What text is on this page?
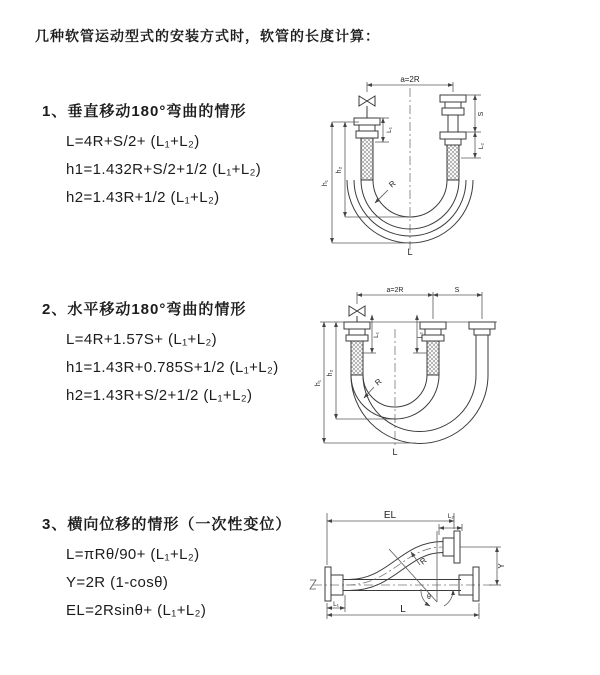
几种软管运动型式的安装方式时，软管的长度计算：
1、垂直移动180°弯曲的情形
L=4R+S/2+ (L₁+L₂)
h1=1.432R+S/2+1/2 (L₁+L₂)
h2=1.43R+1/2 (L₁+L₂)
2、水平移动180°弯曲的情形
L=4R+1.57S+ (L₁+L₂)
h1=1.43R+0.785S+1/2 (L₁+L₂)
h2=1.43R+S/2+1/2 (L₁+L₂)
3、横向位移的情形（一次性变位）
L=πRθ/90+ (L₁+L₂)
Y=2R (1-cosθ)
EL=2Rsinθ+ (L₁+L₂)
a=2R
h₁
h₂
L₁
S
L₂
R
L
a=2R	S
L₁	L₂
h₁
h₂
R
L
EL	L₂
Y
R
θ
L
L₁
